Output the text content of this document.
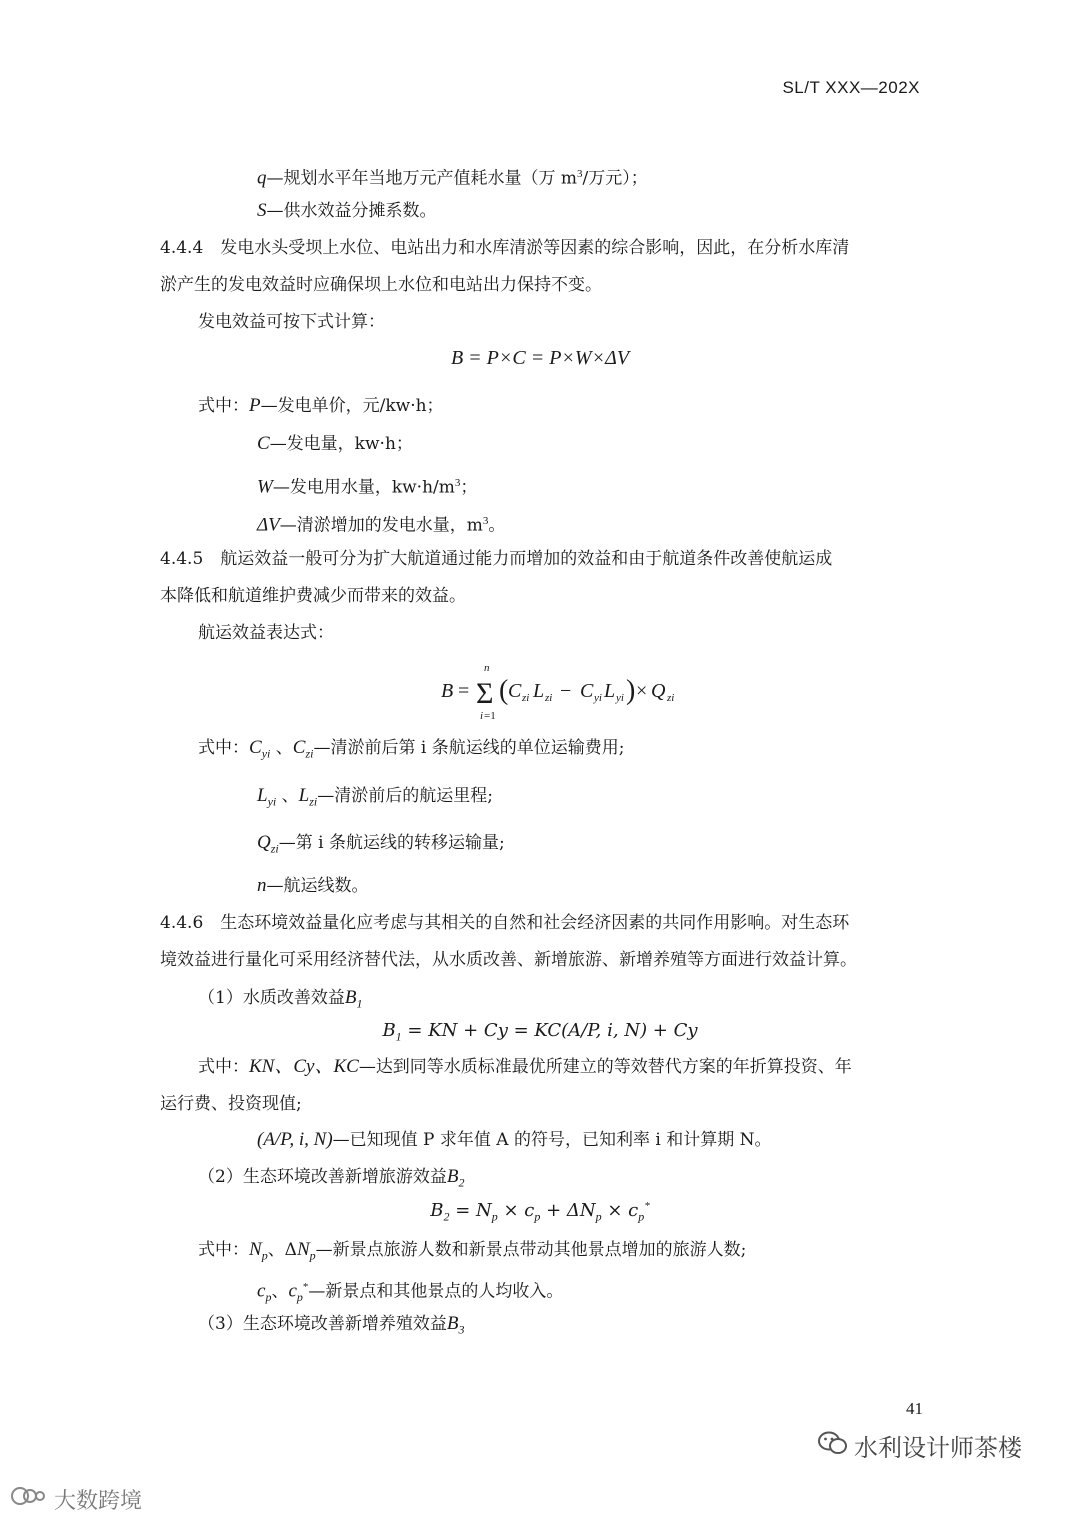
SL/T XXX—202X
q—规划水平年当地万元产值耗水量（万 $m^3/$万元）；
S—供水效益分摊系数。
4.4.4　发电水头受坝上水位、电站出力和水库清淤等因素的综合影响，因此，在分析水库清
淤产生的发电效益时应确保坝上水位和电站出力保持不变。
发电效益可按下式计算：
B = P×C = P×W×ΔV
式中：P—发电单价，元/kw·h；
C—发电量，kw·h；
W—发电用水量，$kw\cdot h/m^3$；
ΔV—清淤增加的发电水量，$m^3$。
4.4.5　航运效益一般可分为扩大航道通过能力而增加的效益和由于航道条件改善使航运成
本降低和航道维护费减少而带来的效益。
航运效益表达式：
B = Σ
n
i =1
( C zi L zi − C yi L yi ) × Q zi
式中：$C_{yi}$ 、$C_{zi}—$清淤前后第 i 条航运线的单位运输费用;
$L_{yi}$ 、$L_{zi}—$清淤前后的航运里程;
$Q_{zi}—$第 i 条航运线的转移运输量;
n—航运线数。
4.4.6　生态环境效益量化应考虑与其相关的自然和社会经济因素的共同作用影响。对生态环
境效益进行量化可采用经济替代法，从水质改善、新增旅游、新增养殖等方面进行效益计算。
（1）水质改善效益$B_1$
$B_1$ = KN + Cy = KC(A/P, i, N) + Cy
式中：KN、Cy、KC—达到同等水质标准最优所建立的等效替代方案的年折算投资、年
运行费、投资现值;
(A/P, i, N)—已知现值 P 求年值 A 的符号，已知利率 i 和计算期 N。
（2）生态环境改善新增旅游效益$B_2$
$B_2 = N_p \times c_p + \Delta N_p \times c_p^*$
式中：$N_p$、$\Delta N_p—$新景点旅游人数和新景点带动其他景点增加的旅游人数;
$c_p$、$c_p^*—$新景点和其他景点的人均收入。
（3）生态环境改善新增养殖效益$B_3$
41
水利设计师茶楼
大数跨境
